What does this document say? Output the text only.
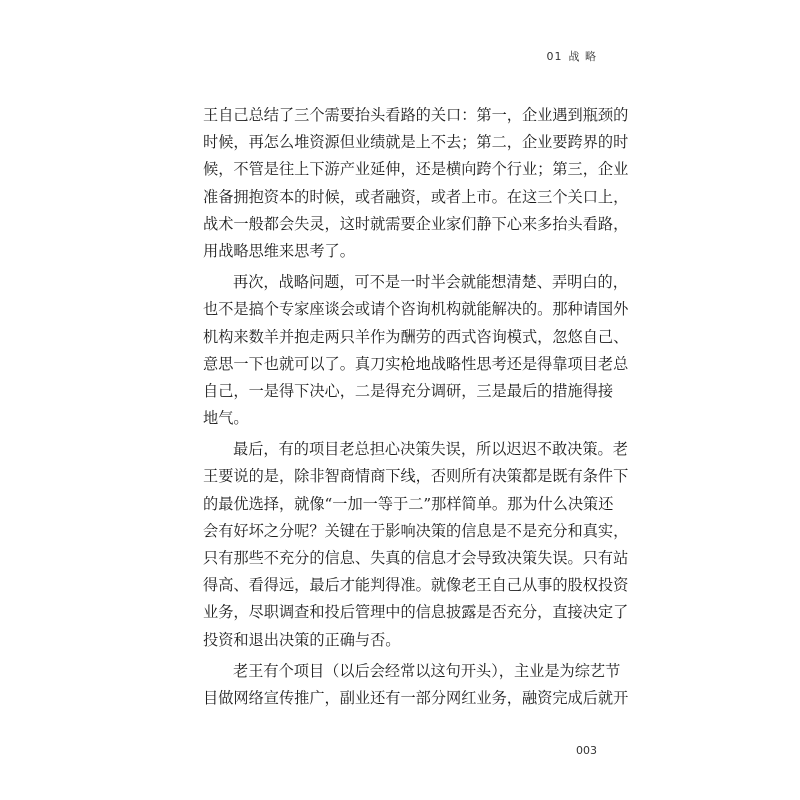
01 战 略
王自己总结了三个需要抬头看路的关口：第一，企业遇到瓶颈的
时候，再怎么堆资源但业绩就是上不去；第二，企业要跨界的时
候，不管是往上下游产业延伸，还是横向跨个行业；第三，企业
准备拥抱资本的时候，或者融资，或者上市。在这三个关口上，
战术一般都会失灵，这时就需要企业家们静下心来多抬头看路，
用战略思维来思考了。
再次，战略问题，可不是一时半会就能想清楚、弄明白的，
也不是搞个专家座谈会或请个咨询机构就能解决的。那种请国外
机构来数羊并抱走两只羊作为酬劳的西式咨询模式，忽悠自己、
意思一下也就可以了。真刀实枪地战略性思考还是得靠项目老总
自己，一是得下决心，二是得充分调研，三是最后的措施得接
地气。
最后，有的项目老总担心决策失误，所以迟迟不敢决策。老
王要说的是，除非智商情商下线，否则所有决策都是既有条件下
的最优选择，就像“一加一等于二”那样简单。那为什么决策还
会有好坏之分呢？关键在于影响决策的信息是不是充分和真实，
只有那些不充分的信息、失真的信息才会导致决策失误。只有站
得高、看得远，最后才能判得准。就像老王自己从事的股权投资
业务，尽职调查和投后管理中的信息披露是否充分，直接决定了
投资和退出决策的正确与否。
老王有个项目（以后会经常以这句开头），主业是为综艺节
目做网络宣传推广，副业还有一部分网红业务，融资完成后就开
003
